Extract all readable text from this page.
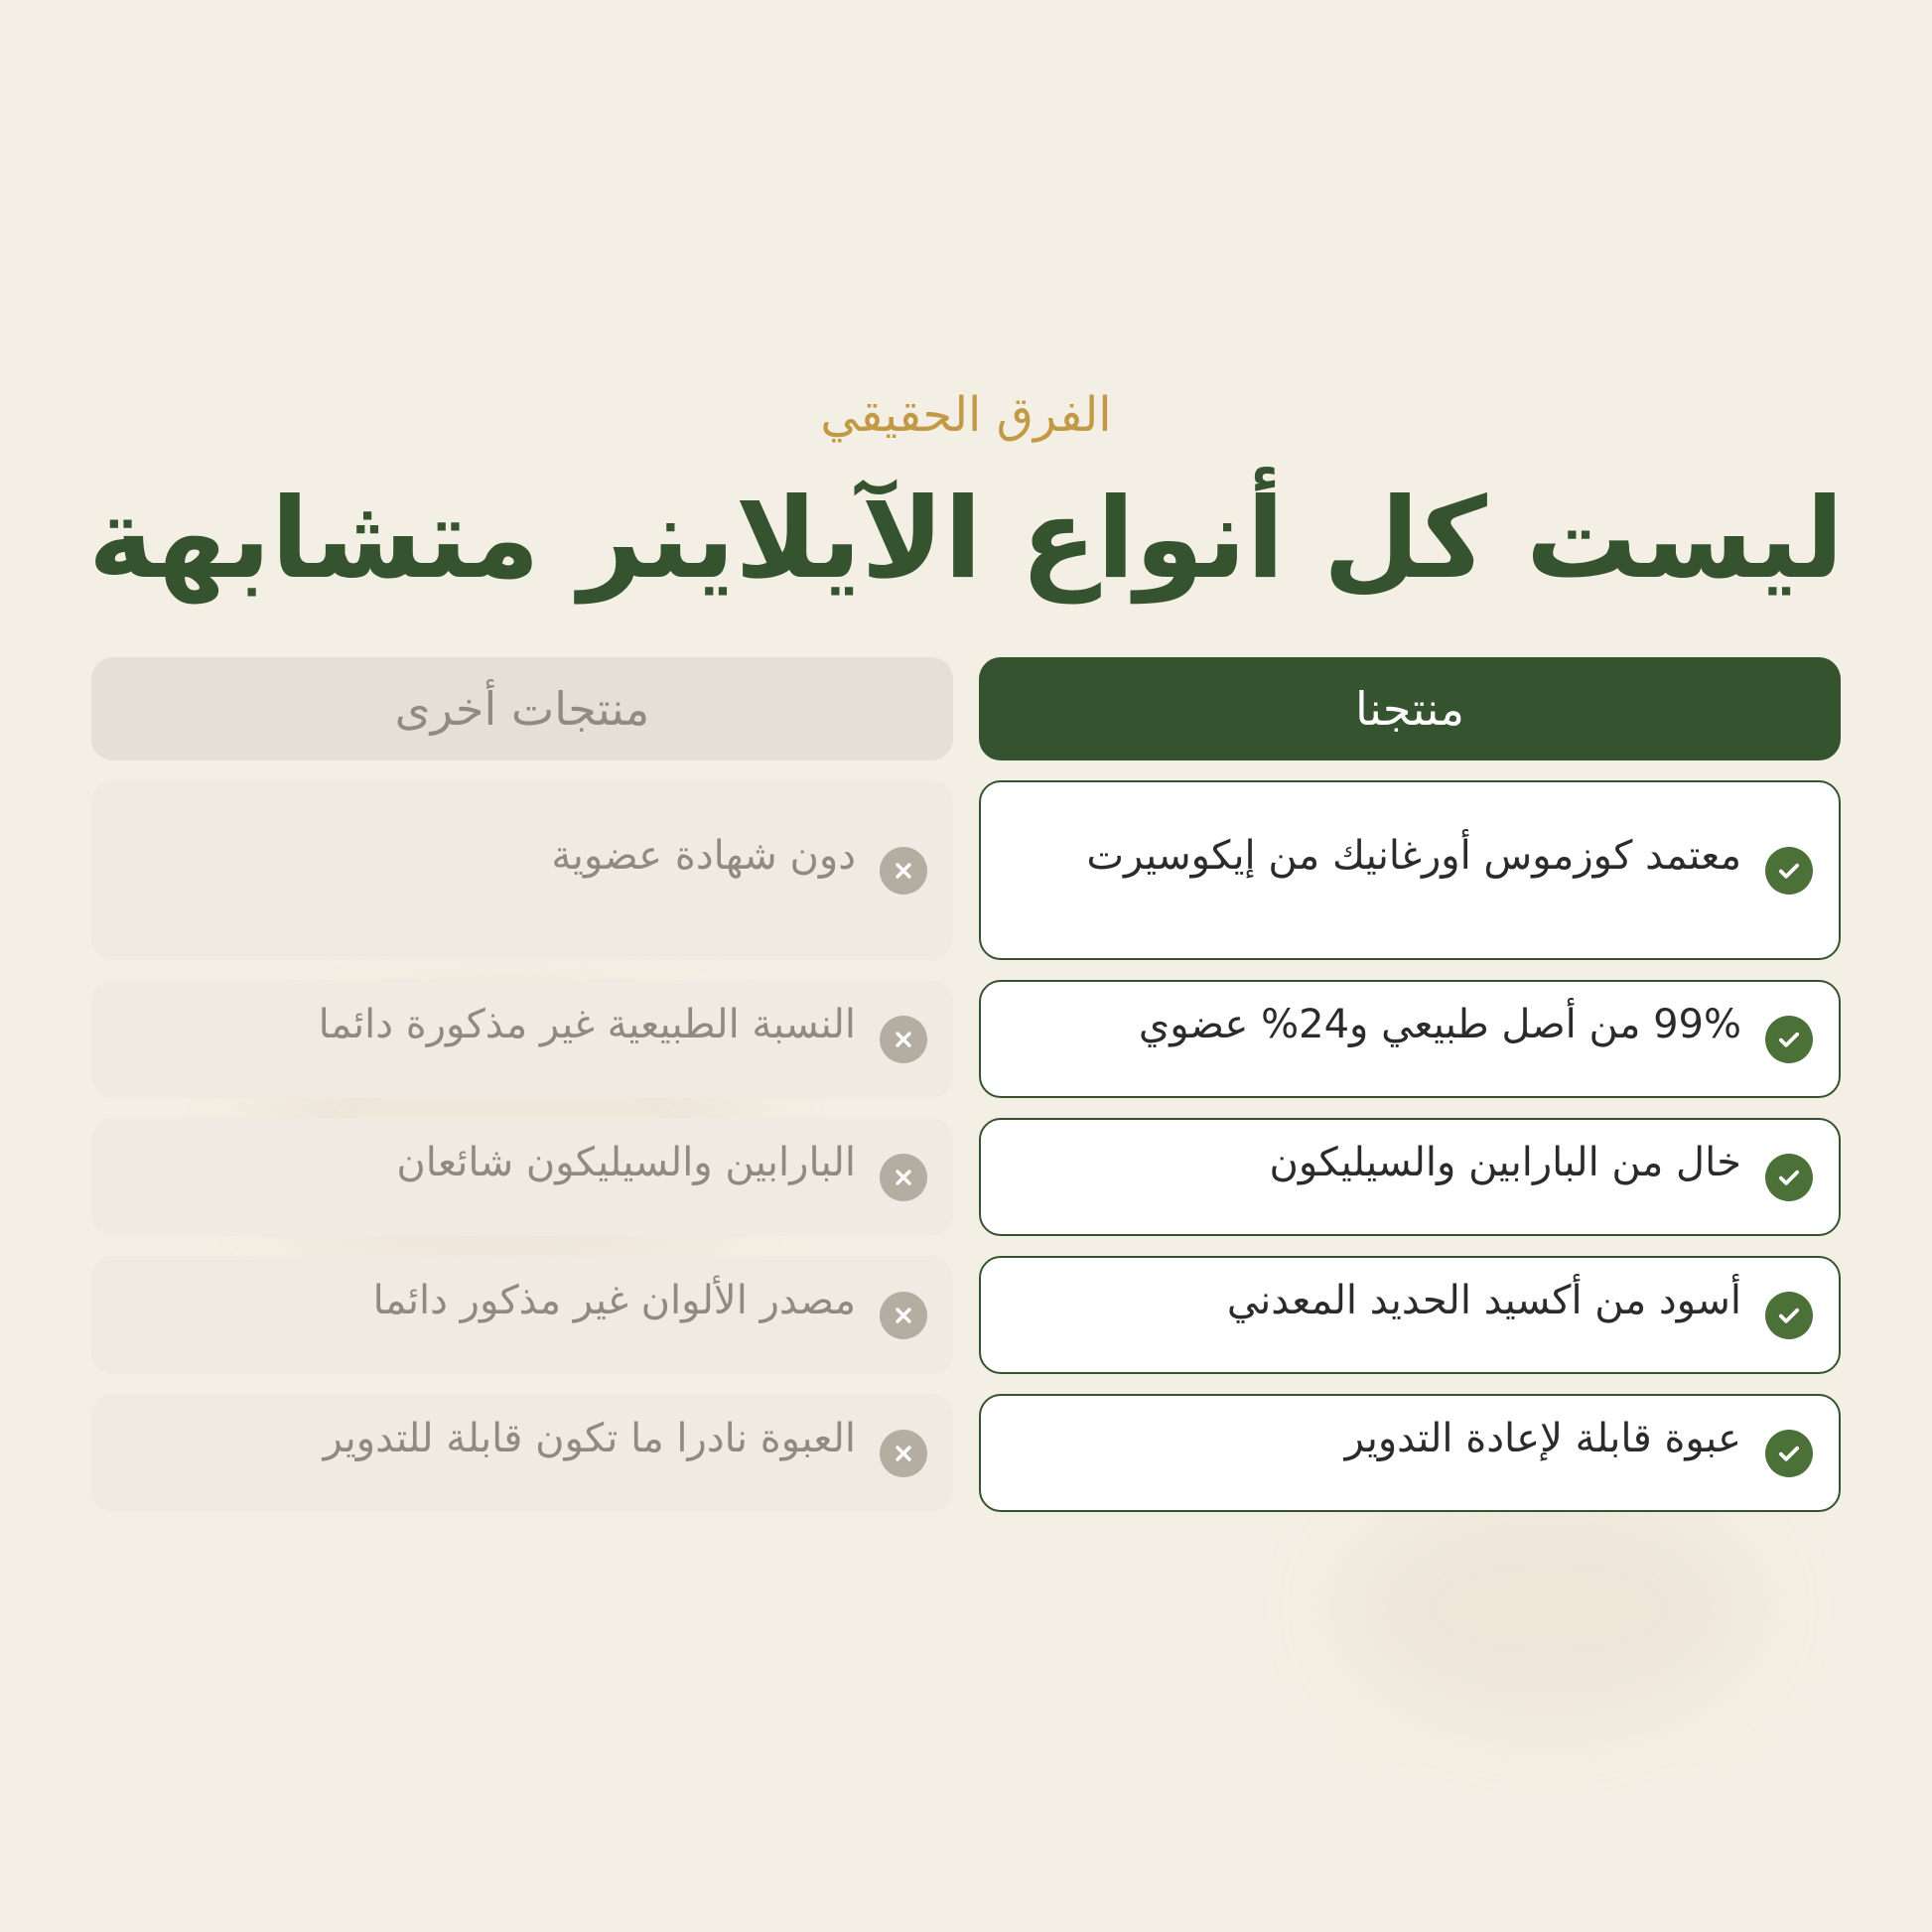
الفرق الحقيقي
ليست كل أنواع الآيلاينر متشابهة
منتجنا
منتجات أخرى
معتمد كوزموس أورغانيك من إيكوسيرت
99% من أصل طبيعي و24% عضوي
خال من البارابين والسيليكون
أسود من أكسيد الحديد المعدني
عبوة قابلة لإعادة التدوير
دون شهادة عضوية
النسبة الطبيعية غير مذكورة دائما
البارابين والسيليكون شائعان
مصدر الألوان غير مذكور دائما
العبوة نادرا ما تكون قابلة للتدوير
